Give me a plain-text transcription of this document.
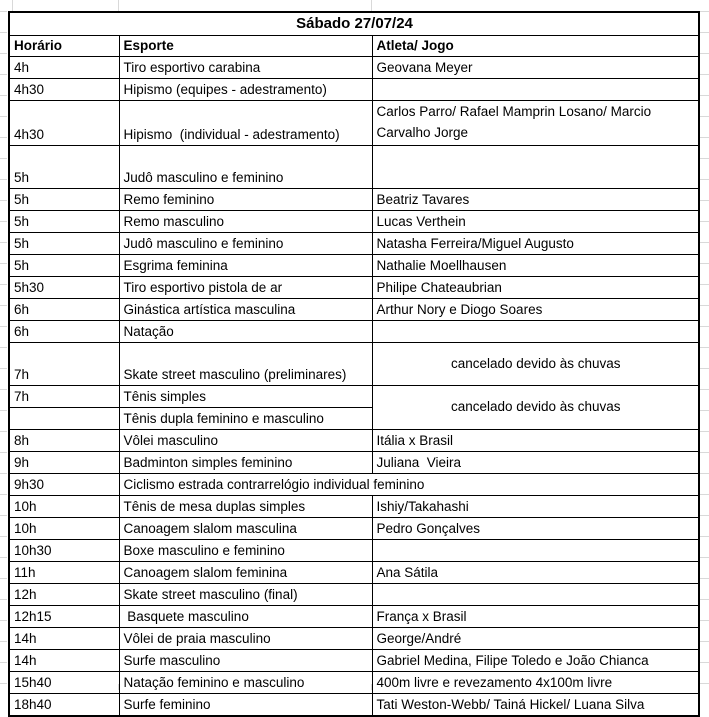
Sábado 27/07/24		
Horário	Esporte	Atleta/ Jogo
4h	Tiro esportivo carabina	Geovana Meyer
4h30	Hipismo (equipes - adestramento)	
4h30	Hipismo  (individual - adestramento)	Carlos Parro/ Rafael Mamprin Losano/ Marcio Carvalho Jorge
5h	Judô masculino e feminino	
5h	Remo feminino	Beatriz Tavares
5h	Remo masculino	Lucas Verthein
5h	Judô masculino e feminino	Natasha Ferreira/Miguel Augusto
5h	Esgrima feminina	Nathalie Moellhausen
5h30	Tiro esportivo pistola de ar	Philipe Chateaubrian
6h	Ginástica artística masculina	Arthur Nory e Diogo Soares
6h	Natação	
7h	Skate street masculino (preliminares)	cancelado devido às chuvas
7h	Tênis simples	cancelado devido às chuvas
	Tênis dupla feminino e masculino	
8h	Vôlei masculino	Itália x Brasil
9h	Badminton simples feminino	Juliana  Vieira
9h30	Ciclismo estrada contrarrelógio individual feminino	
10h	Tênis de mesa duplas simples	Ishiy/Takahashi
10h	Canoagem slalom masculina	Pedro Gonçalves
10h30	Boxe masculino e feminino	
11h	Canoagem slalom feminina	Ana Sátila
12h	Skate street masculino (final)	
12h15	Basquete masculino	França x Brasil
14h	Vôlei de praia masculino	George/André
14h	Surfe masculino	Gabriel Medina, Filipe Toledo e João Chianca
15h40	Natação feminino e masculino	400m livre e revezamento 4x100m livre
18h40	Surfe feminino	Tati Weston-Webb/ Tainá Hickel/ Luana Silva
